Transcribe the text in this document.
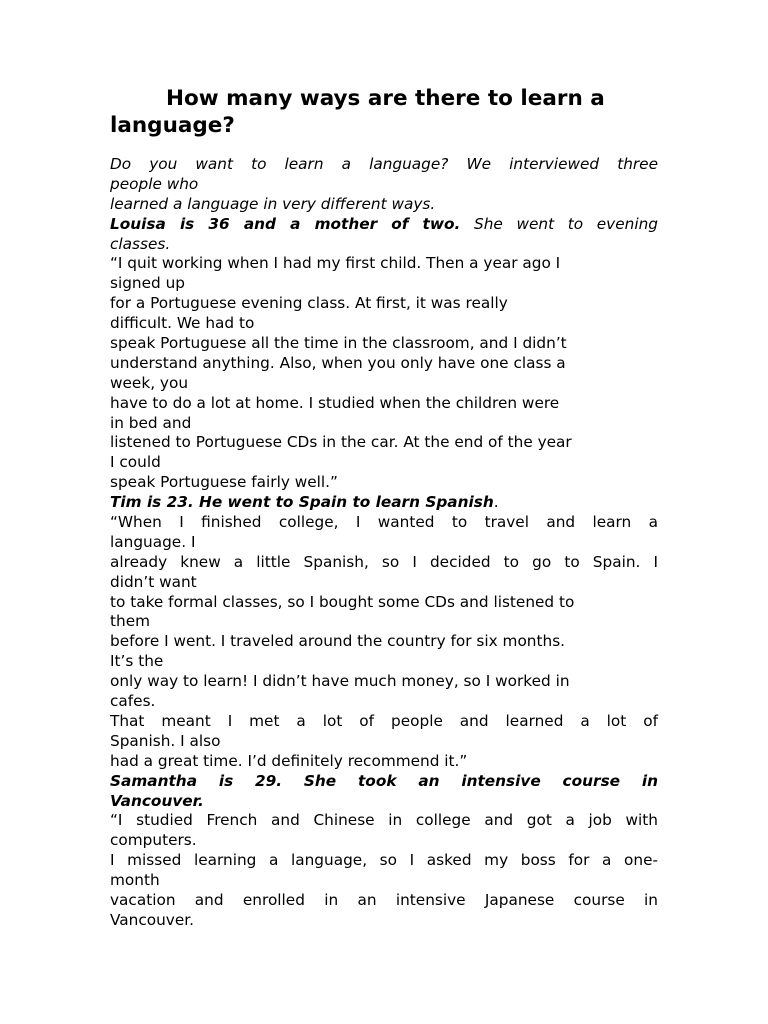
How many ways are there to learn a
language?
Do you want to learn a language? We interviewed three
people who
learned a language in very different ways.
Louisa is 36 and a mother of two. She went to evening
classes.
“I quit working when I had my first child. Then a year ago I
signed up
for a Portuguese evening class. At first, it was really
difficult. We had to
speak Portuguese all the time in the classroom, and I didn’t
understand anything. Also, when you only have one class a
week, you
have to do a lot at home. I studied when the children were
in bed and
listened to Portuguese CDs in the car. At the end of the year
I could
speak Portuguese fairly well.”
Tim is 23. He went to Spain to learn Spanish.
“When I finished college, I wanted to travel and learn a
language. I
already knew a little Spanish, so I decided to go to Spain. I
didn’t want
to take formal classes, so I bought some CDs and listened to
them
before I went. I traveled around the country for six months.
It’s the
only way to learn! I didn’t have much money, so I worked in
cafes.
That meant I met a lot of people and learned a lot of
Spanish. I also
had a great time. I’d definitely recommend it.”
Samantha is 29. She took an intensive course in
Vancouver.
“I studied French and Chinese in college and got a job with
computers.
I missed learning a language, so I asked my boss for a one-
month
vacation and enrolled in an intensive Japanese course in
Vancouver.
